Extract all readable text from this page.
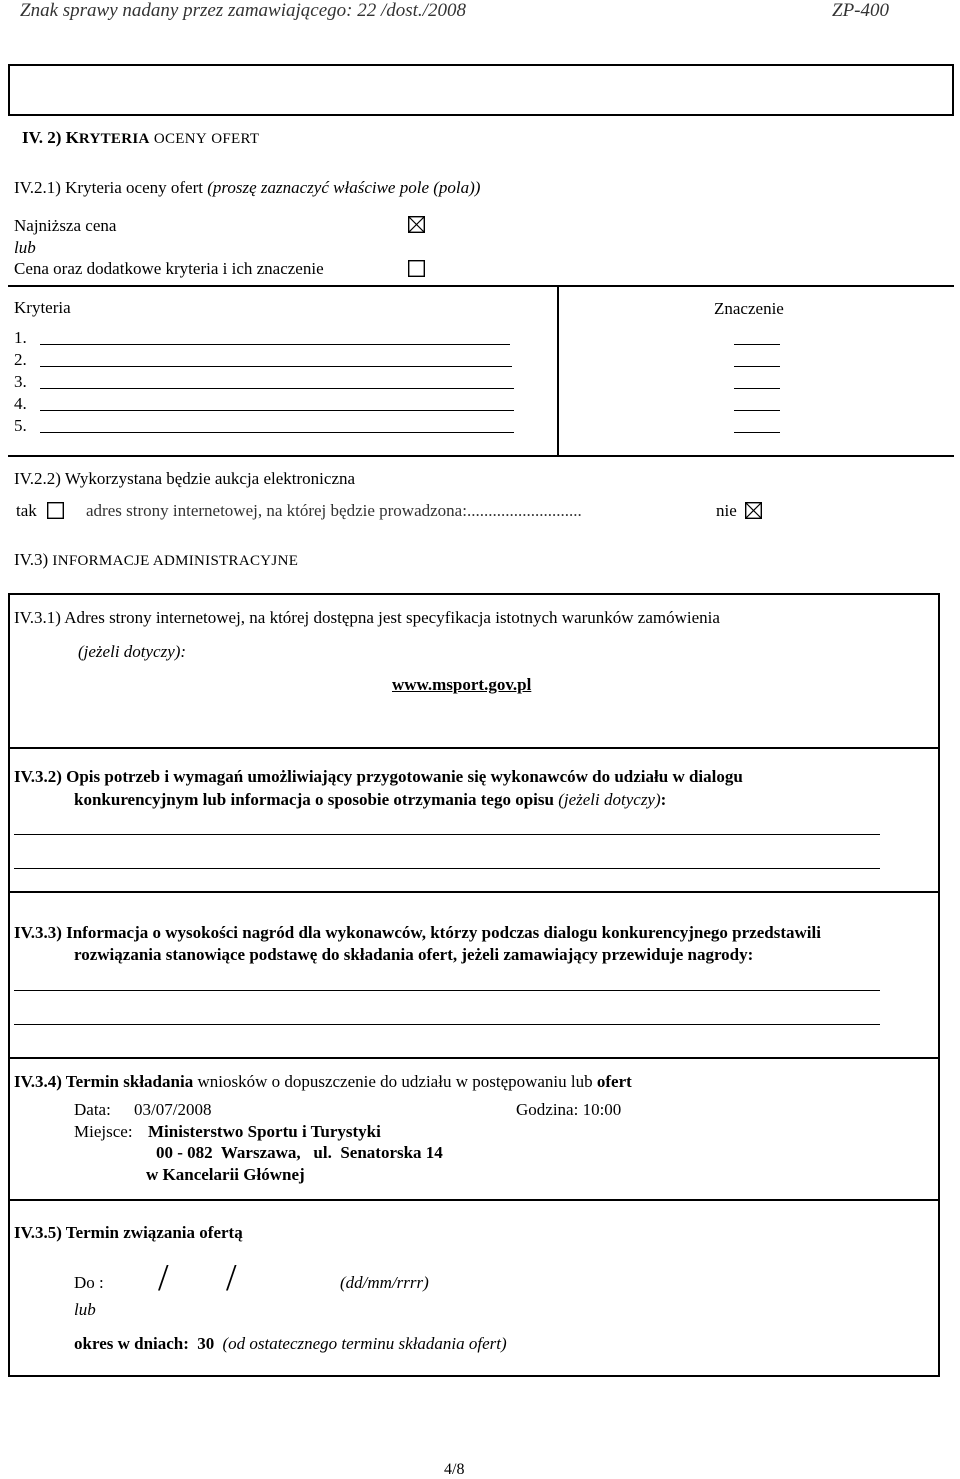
Znak sprawy nadany przez zamawiającego: 22 /dost./2008	ZP-400
IV. 2) KRYTERIA OCENY OFERT
IV.2.1) Kryteria oceny ofert (proszę zaznaczyć właściwe pole (pola))
Najniższa cena
lub
Cena oraz dodatkowe kryteria i ich znaczenie
Kryteria	Znaczenie
1.
2.
3.
4.
5.
IV.2.2) Wykorzystana będzie aukcja elektroniczna
tak	adres strony internetowej, na której będzie prowadzona:...........................	nie
IV.3) INFORMACJE ADMINISTRACYJNE
IV.3.1) Adres strony internetowej, na której dostępna jest specyfikacja istotnych warunków zamówienia
(jeżeli dotyczy):
www.msport.gov.pl
IV.3.2) Opis potrzeb i wymagań umożliwiający przygotowanie się wykonawców do udziału w dialogu
konkurencyjnym lub informacja o sposobie otrzymania tego opisu (jeżeli dotyczy):
IV.3.3) Informacja o wysokości nagród dla wykonawców, którzy podczas dialogu konkurencyjnego przedstawili
rozwiązania stanowiące podstawę do składania ofert, jeżeli zamawiający przewiduje nagrody:
IV.3.4) Termin składania wniosków o dopuszczenie do udziału w postępowaniu lub ofert
Data: 03/07/2008	Godzina: 10:00
Miejsce: Ministerstwo Sportu i Turystyki
00 - 082  Warszawa,   ul.  Senatorska 14
w Kancelarii Głównej
IV.3.5) Termin związania ofertą
Do : / /	(dd/mm/rrrr)
lub
okres w dniach: 30 (od ostatecznego terminu składania ofert)
4/8
